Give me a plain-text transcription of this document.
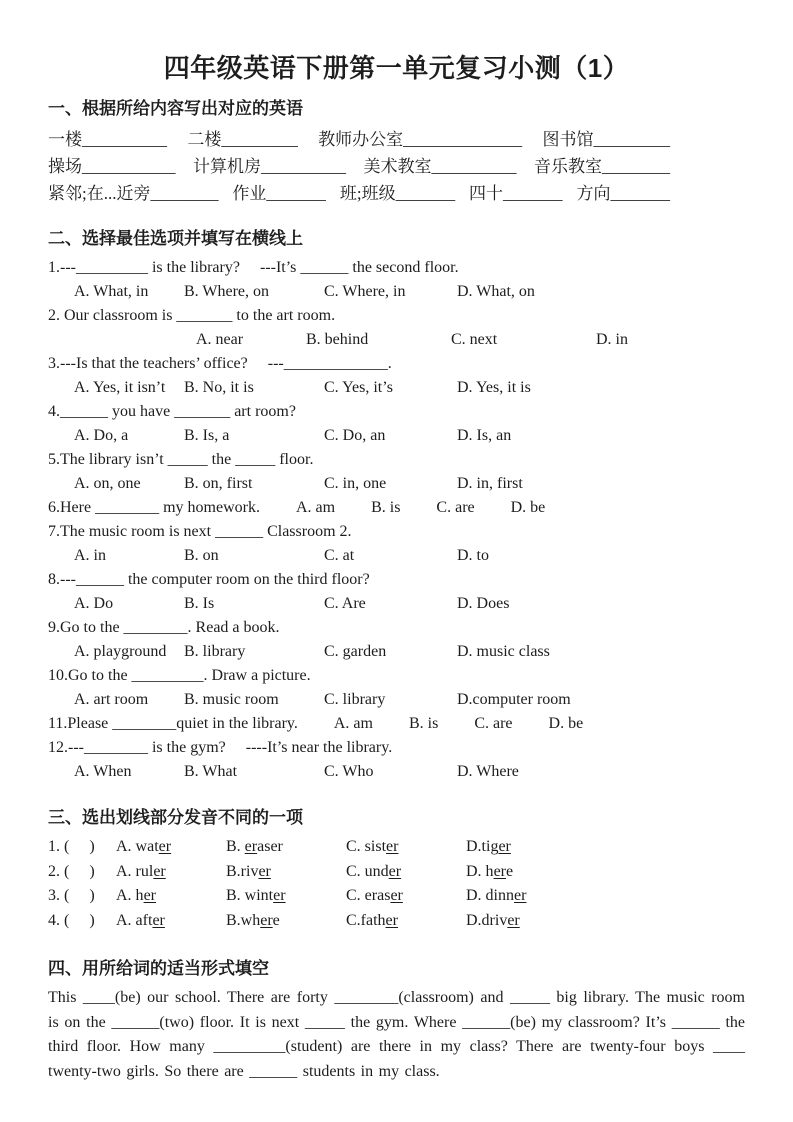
四年级英语下册第一单元复习小测（1）
一、根据所给内容写出对应的英语
一楼__________ 二楼_________ 教师办公室______________ 图书馆_________
操场___________ 计算机房__________ 美术教室__________ 音乐教室________
紧邻;在...近旁________ 作业_______ 班;班级_______ 四十_______ 方向_______
二、选择最佳选项并填写在横线上
1.---_________ is the library?     ---It’s ______ the second floor.
A. What, in B. Where, on	C. Where, in	D. What, on
2. Our classroom is _______ to the art room.
A. near	B. behind	C. next	D. in
3.---Is that the teachers’ office?     ---_____________.
A. Yes, it isn’t B. No, it is	C. Yes, it’s	D. Yes, it is
4.______ you have _______ art room?
A. Do, a	B. Is, a	C. Do, an	D. Is, an
5.The library isn’t _____ the _____ floor.
A. on, one	B. on, first	C. in, one	D. in, first
6.Here ________ my homework. A. am B. is C. are D. be
7.The music room is next ______ Classroom 2.
A. in	B. on	C. at	D. to
8.---______ the computer room on the third floor?
A. Do	B. Is	C. Are	D. Does
9.Go to the ________. Read a book.
A. playground B. library	C. garden	D. music class
10.Go to the _________. Draw a picture.
A. art room B. music room	C. library	D.computer room
11.Please ________quiet in the library. A. am B. is C. are D. be
12.---________ is the gym?     ----It’s near the library.
A. When	B. What	C. Who	D. Where
三、选出划线部分发音不同的一项
1. (     )	A. water	B. eraser	C. sister	D.tiger
2. (     )	A. ruler	B.river	C. under	D. here
3. (     )	A. her	B. winter	C. eraser	D. dinner
4. (     )	A. after	B.where	C.father	D.driver
四、用所给词的适当形式填空

This ____(be) our school. There are forty ________(classroom) and _____ big library. The music room is on the ______(two) floor. It is next _____ the gym. Where ______(be) my classroom? It’s ______ the third floor. How many _________(student) are there in my class? There are twenty-four boys ____ twenty-two girls. So there are ______ students in my class.
